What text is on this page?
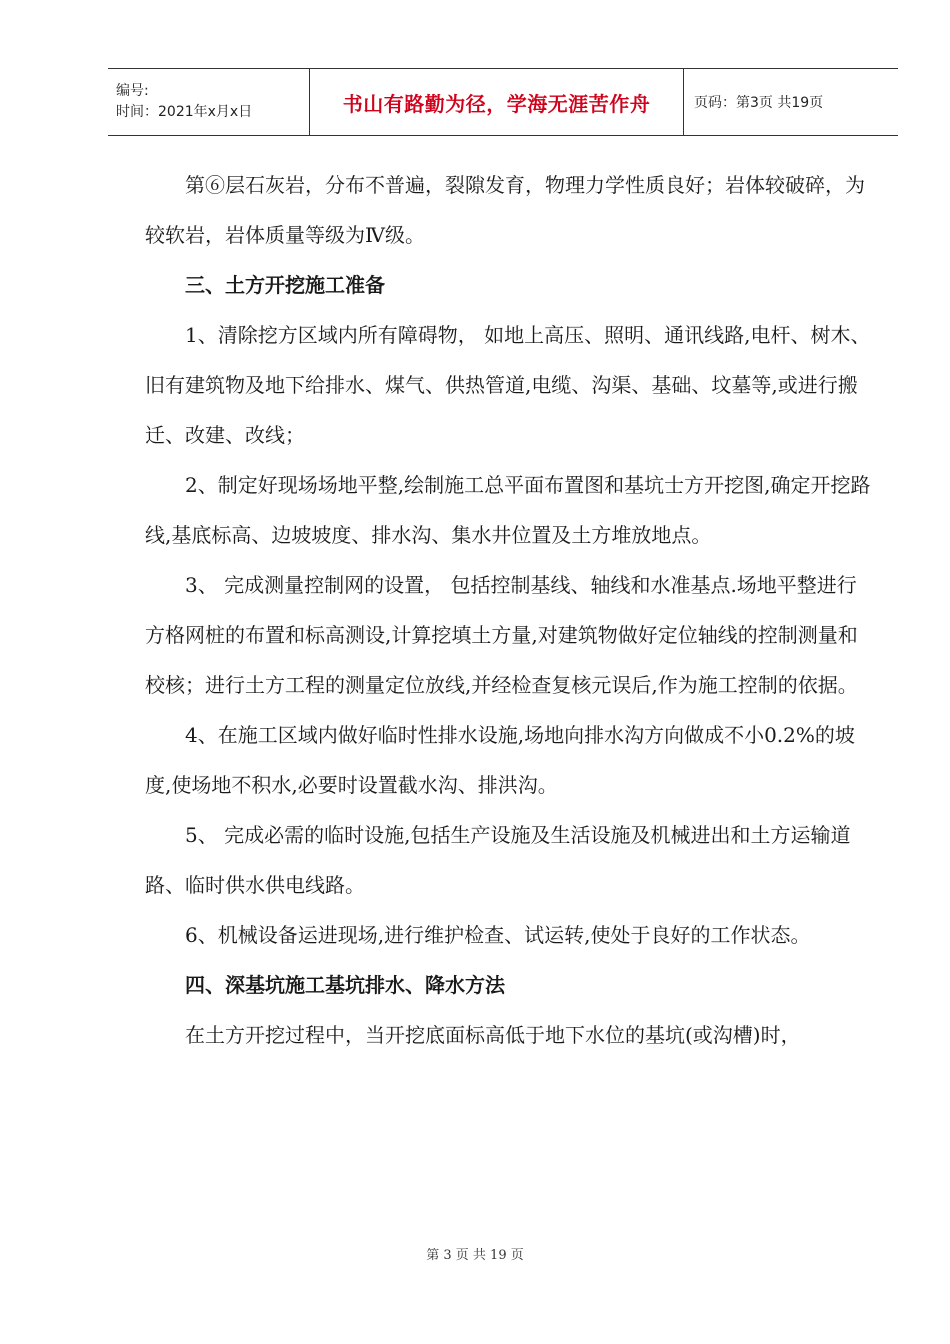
编号:
时间：2021年x月x日	书山有路勤为径，学海无涯苦作舟	页码：第3页 共19页

第⑥层石灰岩，分布不普遍，裂隙发育，物理力学性质良好；岩体较破碎，为较软岩，岩体质量等级为Ⅳ级。

三、土方开挖施工准备

1、清除挖方区域内所有障碍物， 如地上高压、照明、通讯线路,电杆、树木、旧有建筑物及地下给排水、煤气、供热管道,电缆、沟渠、基础、坟墓等,或进行搬迁、改建、改线；

2、制定好现场场地平整,绘制施工总平面布置图和基坑士方开挖图,确定开挖路线,基底标高、边坡坡度、排水沟、集水井位置及土方堆放地点。

3、 完成测量控制网的设置， 包括控制基线、轴线和水准基点.场地平整进行方格网桩的布置和标高测设,计算挖填土方量,对建筑物做好定位轴线的控制测量和校核；进行土方工程的测量定位放线,并经检查复核元误后,作为施工控制的依据。

4、在施工区域内做好临时性排水设施,场地向排水沟方向做成不小0.2%的坡度,使场地不积水,必要时设置截水沟、排洪沟。

5、 完成必需的临时设施,包括生产设施及生活设施及机械进出和土方运输道路、临时供水供电线路。

6、机械设备运进现场,进行维护检查、试运转,使处于良好的工作状态。

四、深基坑施工基坑排水、降水方法

在土方开挖过程中，当开挖底面标高低于地下水位的基坑(或沟槽)时，

第 3 页 共 19 页
